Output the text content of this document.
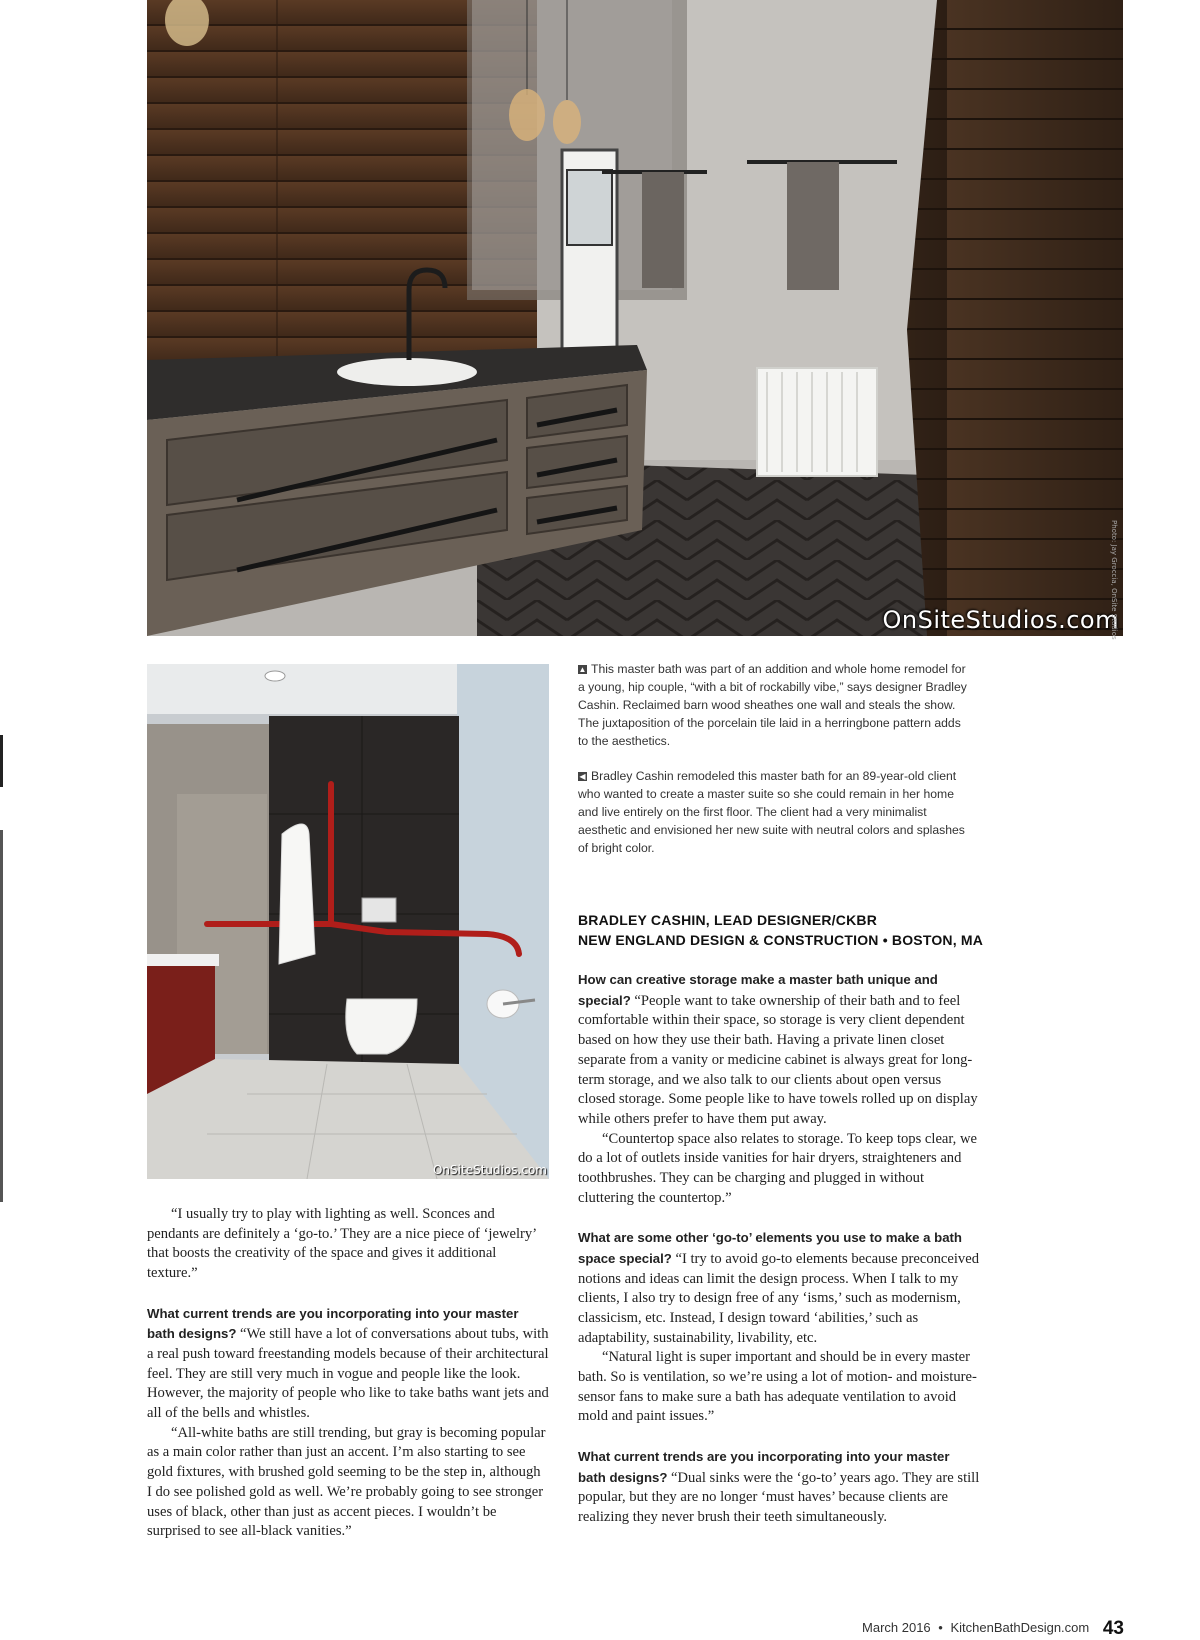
OnSiteStudios.com
Photo: Jay Groccia, OnSite Studios
OnSiteStudios.com
▲ This master bath was part of an addition and whole home remodel for a young, hip couple, “with a bit of rockabilly vibe,” says designer Bradley Cashin. Reclaimed barn wood sheathes one wall and steals the show. The juxtaposition of the porcelain tile laid in a herringbone pattern adds to the aesthetics.
◀ Bradley Cashin remodeled this master bath for an 89-year-old client who wanted to create a master suite so she could remain in her home and live entirely on the first floor. The client had a very minimalist aesthetic and envisioned her new suite with neutral colors and splashes of bright color.
BRADLEY CASHIN, LEAD DESIGNER/CKBR
NEW ENGLAND DESIGN & CONSTRUCTION • BOSTON, MA

“I usually try to play with lighting as well. Sconces and pendants are definitely a ‘go-to.’ They are a nice piece of ‘jewelry’ that boosts the creativity of the space and gives it additional texture.”

What current trends are you incorporating into your master bath designs? “We still have a lot of conversations about tubs, with a real push toward freestanding models because of their architectural feel. They are still very much in vogue and people like the look. However, the majority of people who like to take baths want jets and all of the bells and whistles.

“All-white baths are still trending, but gray is becoming popular as a main color rather than just an accent. I’m also starting to see gold fixtures, with brushed gold seeming to be the step in, although I do see polished gold as well. We’re probably going to see stronger uses of black, other than just as accent pieces. I wouldn’t be surprised to see all-black vanities.”

How can creative storage make a master bath unique and special? “People want to take ownership of their bath and to feel comfortable within their space, so storage is very client dependent based on how they use their bath. Having a private linen closet separate from a vanity or medicine cabinet is always great for long-term storage, and we also talk to our clients about open versus closed storage. Some people like to have towels rolled up on display while others prefer to have them put away.

“Countertop space also relates to storage. To keep tops clear, we do a lot of outlets inside vanities for hair dryers, straighteners and toothbrushes. They can be charging and plugged in without cluttering the countertop.”

What are some other ‘go-to’ elements you use to make a bath space special? “I try to avoid go-to elements because preconceived notions and ideas can limit the design process. When I talk to my clients, I also try to design free of any ‘isms,’ such as modernism, classicism, etc. Instead, I design toward ‘abilities,’ such as adaptability, sustainability, livability, etc.

“Natural light is super important and should be in every master bath. So is ventilation, so we’re using a lot of motion- and moisture-sensor fans to make sure a bath has adequate ventilation to avoid mold and paint issues.”

What current trends are you incorporating into your master bath designs? “Dual sinks were the ‘go-to’ years ago. They are still popular, but they are no longer ‘must haves’ because clients are realizing they never brush their teeth simultaneously.

March 2016 • KitchenBathDesign.com 43
